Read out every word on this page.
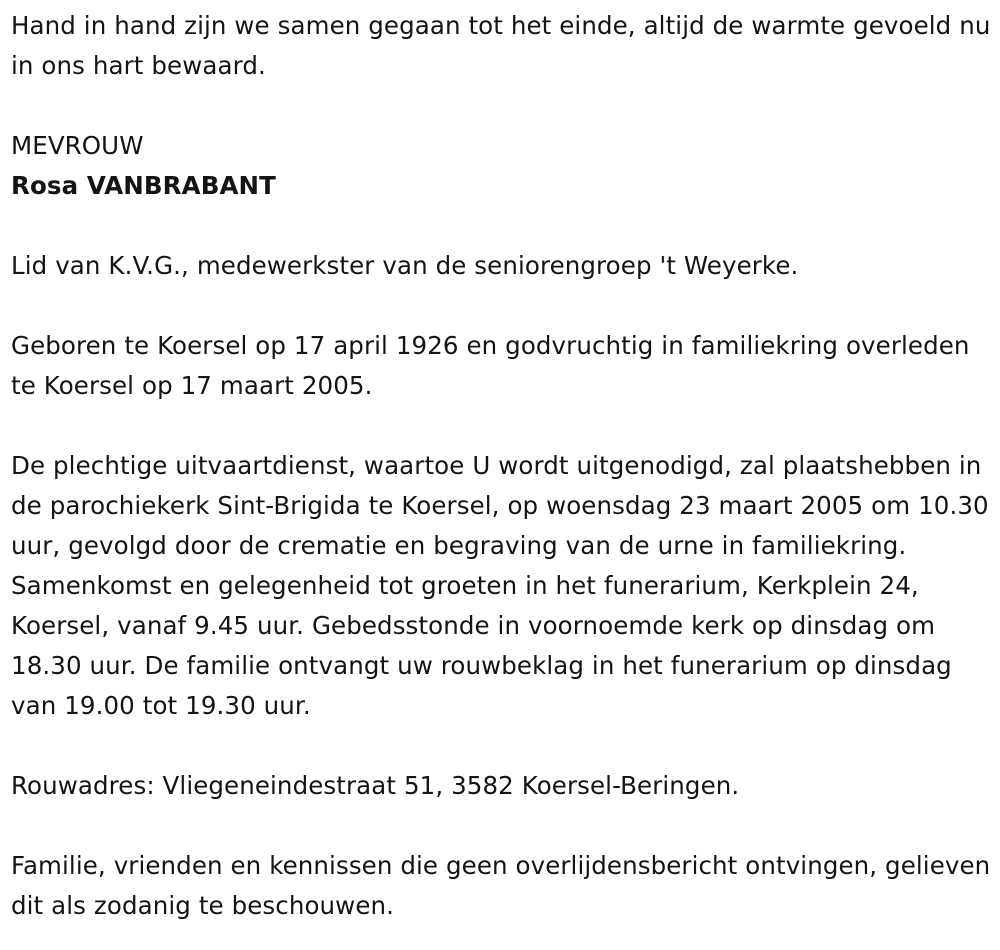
Hand in hand zijn we samen gegaan tot het einde, altijd de warmte gevoeld nu in ons hart bewaard.

MEVROUW

Rosa VANBRABANT

Lid van K.V.G., medewerkster van de seniorengroep 't Weyerke.

Geboren te Koersel op 17 april 1926 en godvruchtig in familiekring overleden te Koersel op 17 maart 2005.

De plechtige uitvaartdienst, waartoe U wordt uitgenodigd, zal plaatshebben in de parochiekerk Sint-Brigida te Koersel, op woensdag 23 maart 2005 om 10.30 uur, gevolgd door de crematie en begraving van de urne in familiekring. Samenkomst en gelegenheid tot groeten in het funerarium, Kerkplein 24, Koersel, vanaf 9.45 uur. Gebedsstonde in voornoemde kerk op dinsdag om 18.30 uur. De familie ontvangt uw rouwbeklag in het funerarium op dinsdag van 19.00 tot 19.30 uur.

Rouwadres: Vliegeneindestraat 51, 3582 Koersel-Beringen.

Familie, vrienden en kennissen die geen overlijdensbericht ontvingen, gelieven dit als zodanig te beschouwen.
